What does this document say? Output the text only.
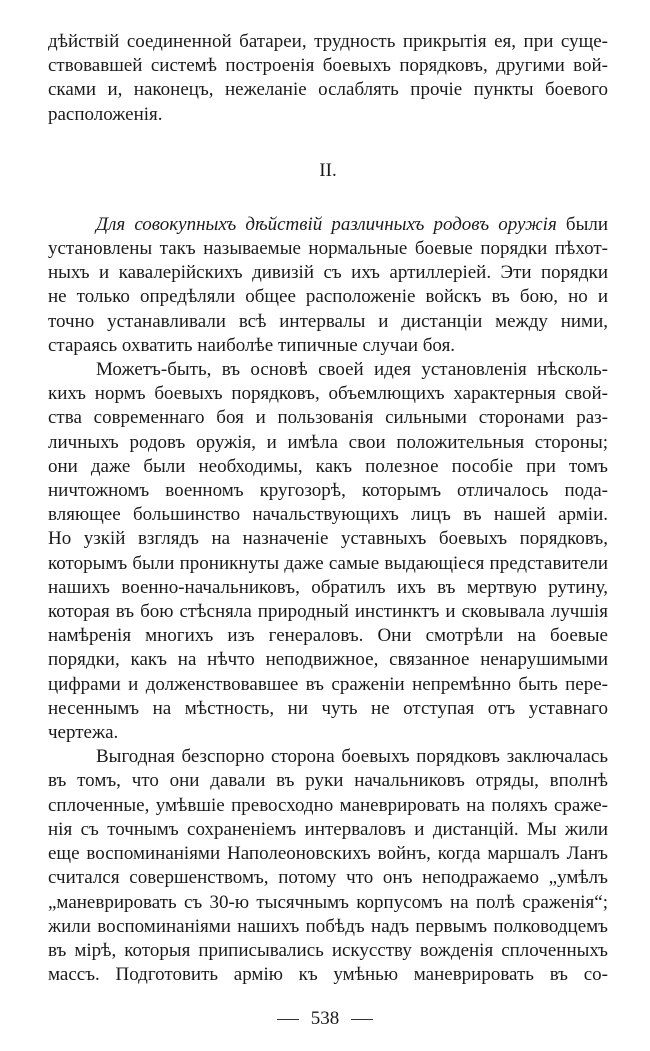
дѣйствій соединенной батареи, трудность прикрытія ея, при суще-
ствовавшей системѣ построенія боевыхъ порядковъ, другими вой-
сками и, наконецъ, нежеланіе ослаблять прочіе пункты боевого
расположенія.
II.
Для совокупныхъ дѣйствій различныхъ родовъ оружія были
установлены такъ называемые нормальные боевые порядки пѣхот-
ныхъ и кавалерійскихъ дивизій съ ихъ артиллеріей. Эти порядки
не только опредѣляли общее расположеніе войскъ въ бою, но и
точно устанавливали всѣ интервалы и дистанціи между ними,
стараясь охватить наиболѣе типичные случаи боя.
Можетъ-быть, въ основѣ своей идея установленія нѣсколь-
кихъ нормъ боевыхъ порядковъ, объемлющихъ характерныя свой-
ства современнаго боя и пользованія сильными сторонами раз-
личныхъ родовъ оружія, и имѣла свои положительныя стороны;
они даже были необходимы, какъ полезное пособіе при томъ
ничтожномъ военномъ кругозорѣ, которымъ отличалось пода-
вляющее большинство начальствующихъ лицъ въ нашей арміи.
Но узкій взглядъ на назначеніе уставныхъ боевыхъ порядковъ,
которымъ были проникнуты даже самые выдающіеся представители
нашихъ военно-начальниковъ, обратилъ ихъ въ мертвую рутину,
которая въ бою стѣсняла природный инстинктъ и сковывала лучшія
намѣренія многихъ изъ генераловъ. Они смотрѣли на боевые
порядки, какъ на нѣчто неподвижное, связанное ненарушимыми
цифрами и долженствовавшее въ сраженіи непремѣнно быть пере-
несеннымъ на мѣстность, ни чуть не отступая отъ уставнаго
чертежа.
Выгодная безспорно сторона боевыхъ порядковъ заключалась
въ томъ, что они давали въ руки начальниковъ отряды, вполнѣ
сплоченные, умѣвшіе превосходно маневрировать на поляхъ сраже-
нія съ точнымъ сохраненіемъ интерваловъ и дистанцій. Мы жили
еще воспоминаніями Наполеоновскихъ войнъ, когда маршалъ Ланъ
считался совершенствомъ, потому что онъ неподражаемо „умѣлъ
„маневрировать съ 30-ю тысячнымъ корпусомъ на полѣ сраженія“;
жили воспоминаніями нашихъ побѣдъ надъ первымъ полководцемъ
въ мірѣ, которыя приписывались искусству вожденія сплоченныхъ
массъ. Подготовить армію къ умѣнью маневрировать въ со-
538
